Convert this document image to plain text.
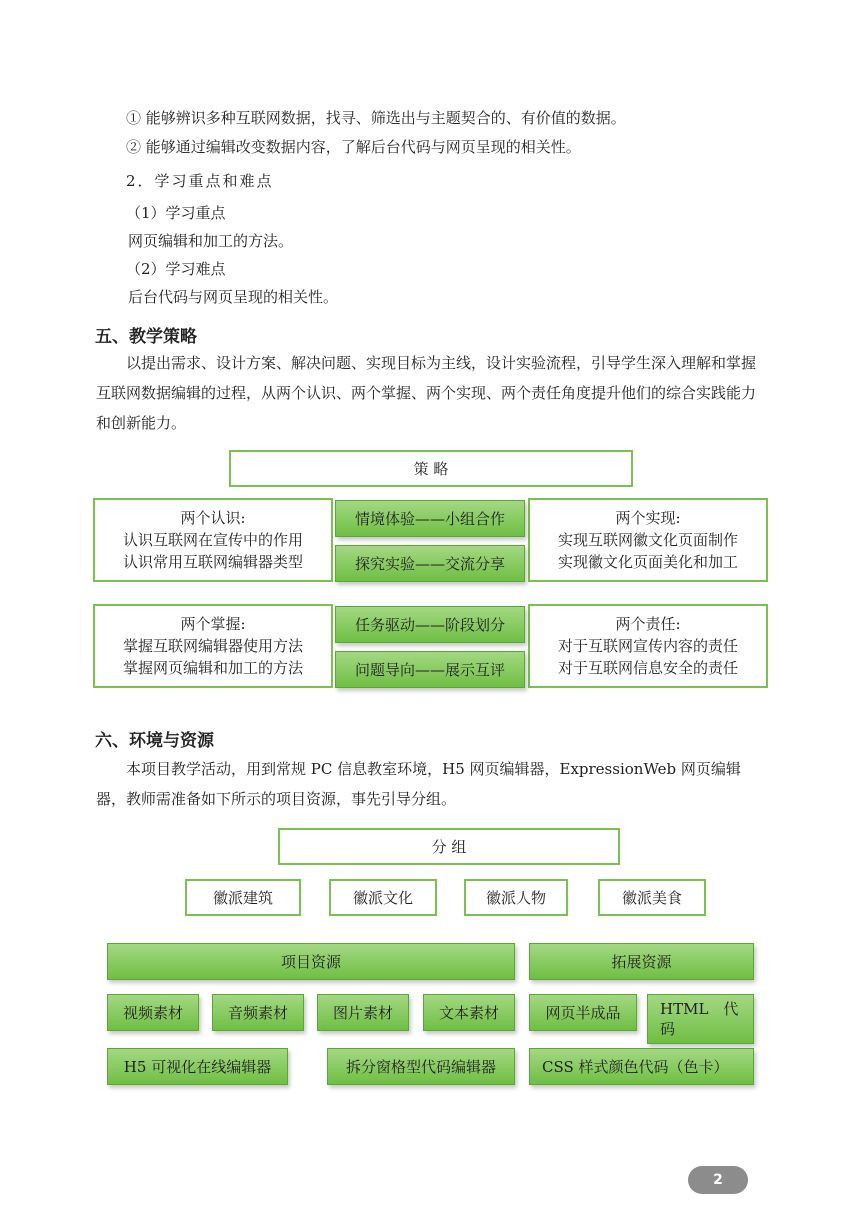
① 能够辨识多种互联网数据，找寻、筛选出与主题契合的、有价值的数据。
② 能够通过编辑改变数据内容，了解后台代码与网页呈现的相关性。
2．学习重点和难点
（1）学习重点
网页编辑和加工的方法。
（2）学习难点
后台代码与网页呈现的相关性。
五、教学策略
以提出需求、设计方案、解决问题、实现目标为主线，设计实验流程，引导学生深入理解和掌握互联网数据编辑的过程，从两个认识、两个掌握、两个实现、两个责任角度提升他们的综合实践能力和创新能力。
策 略
两个认识:
认识互联网在宣传中的作用
认识常用互联网编辑器类型
两个实现:
实现互联网徽文化页面制作
实现徽文化页面美化和加工
两个掌握:
掌握互联网编辑器使用方法
掌握网页编辑和加工的方法
两个责任:
对于互联网宣传内容的责任
对于互联网信息安全的责任
情境体验——小组合作
探究实验——交流分享
任务驱动——阶段划分
问题导向——展示互评
六、环境与资源
本项目教学活动，用到常规 PC 信息教室环境，H5 网页编辑器，ExpressionWeb 网页编辑器，教师需准备如下所示的项目资源，事先引导分组。
分 组
徽派建筑	徽派文化	徽派人物	徽派美食
项目资源	拓展资源
视频素材	音频素材	图片素材	文本素材	网页半成品	HTML　代
码
H5 可视化在线编辑器	拆分窗格型代码编辑器	CSS 样式颜色代码（色卡）
2
